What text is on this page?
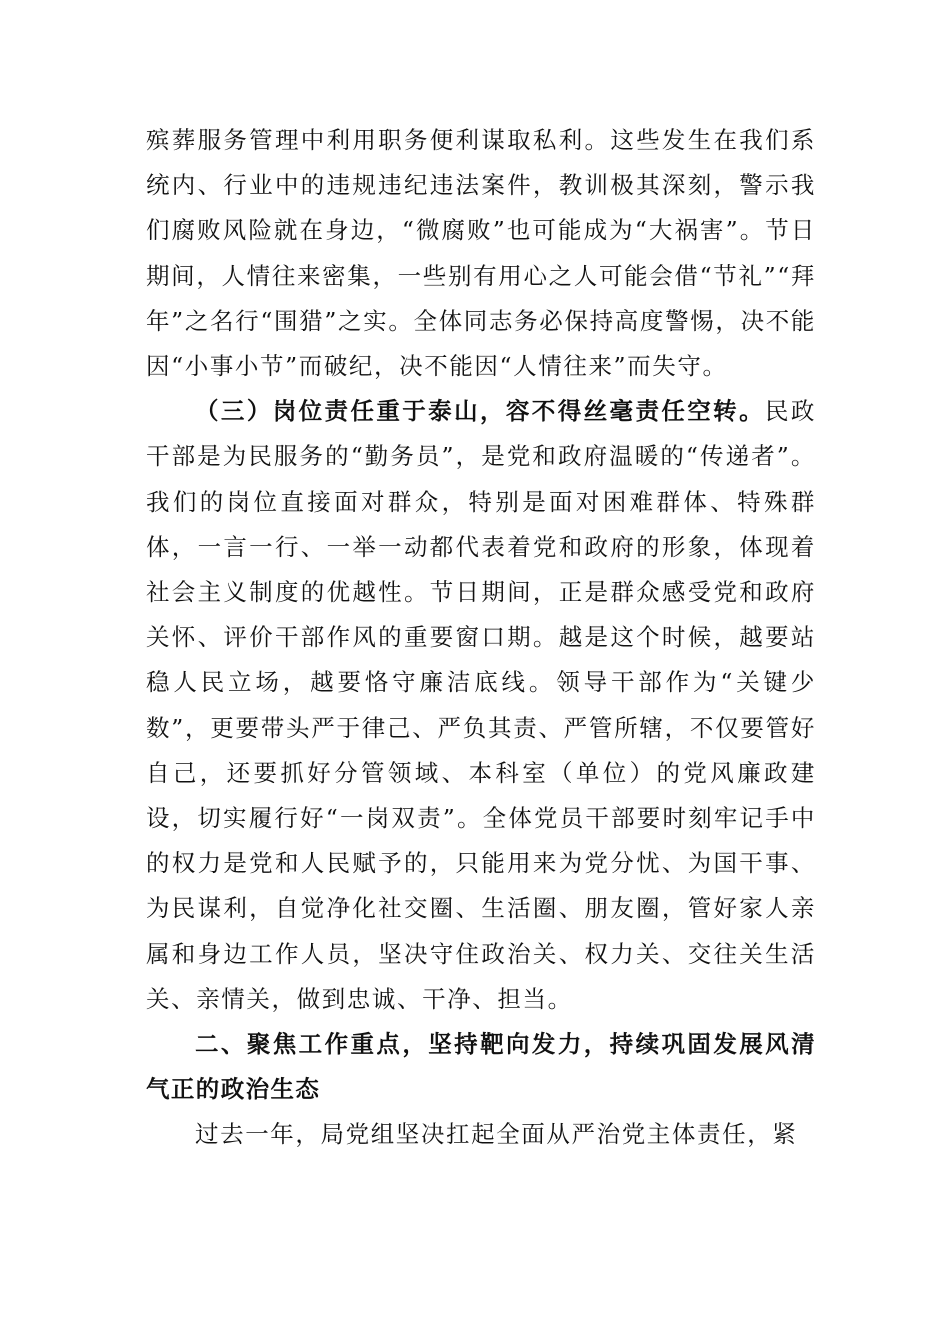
殡葬服务管理中利用职务便利谋取私利。这些发生在我们系统内、行业中的违规违纪违法案件，教训极其深刻，警示我们腐败风险就在身边，“微腐败”也可能成为“大祸害”。节日期间，人情往来密集，一些别有用心之人可能会借“节礼”“拜年”之名行“围猎”之实。全体同志务必保持高度警惕，决不能因“小事小节”而破纪，决不能因“人情往来”而失守。

（三）岗位责任重于泰山，容不得丝毫责任空转。民政干部是为民服务的“勤务员”，是党和政府温暖的“传递者”。我们的岗位直接面对群众，特别是面对困难群体、特殊群体，一言一行、一举一动都代表着党和政府的形象，体现着社会主义制度的优越性。节日期间，正是群众感受党和政府关怀、评价干部作风的重要窗口期。越是这个时候，越要站稳人民立场，越要恪守廉洁底线。领导干部作为“关键少数”，更要带头严于律己、严负其责、严管所辖，不仅要管好自己，还要抓好分管领域、本科室（单位）的党风廉政建设，切实履行好“一岗双责”。全体党员干部要时刻牢记手中的权力是党和人民赋予的，只能用来为党分忧、为国干事、为民谋利，自觉净化社交圈、生活圈、朋友圈，管好家人亲属和身边工作人员，坚决守住政治关、权力关、交往关生活关、亲情关，做到忠诚、干净、担当。

二、聚焦工作重点，坚持靶向发力，持续巩固发展风清气正的政治生态

过去一年，局党组坚决扛起全面从严治党主体责任，紧
